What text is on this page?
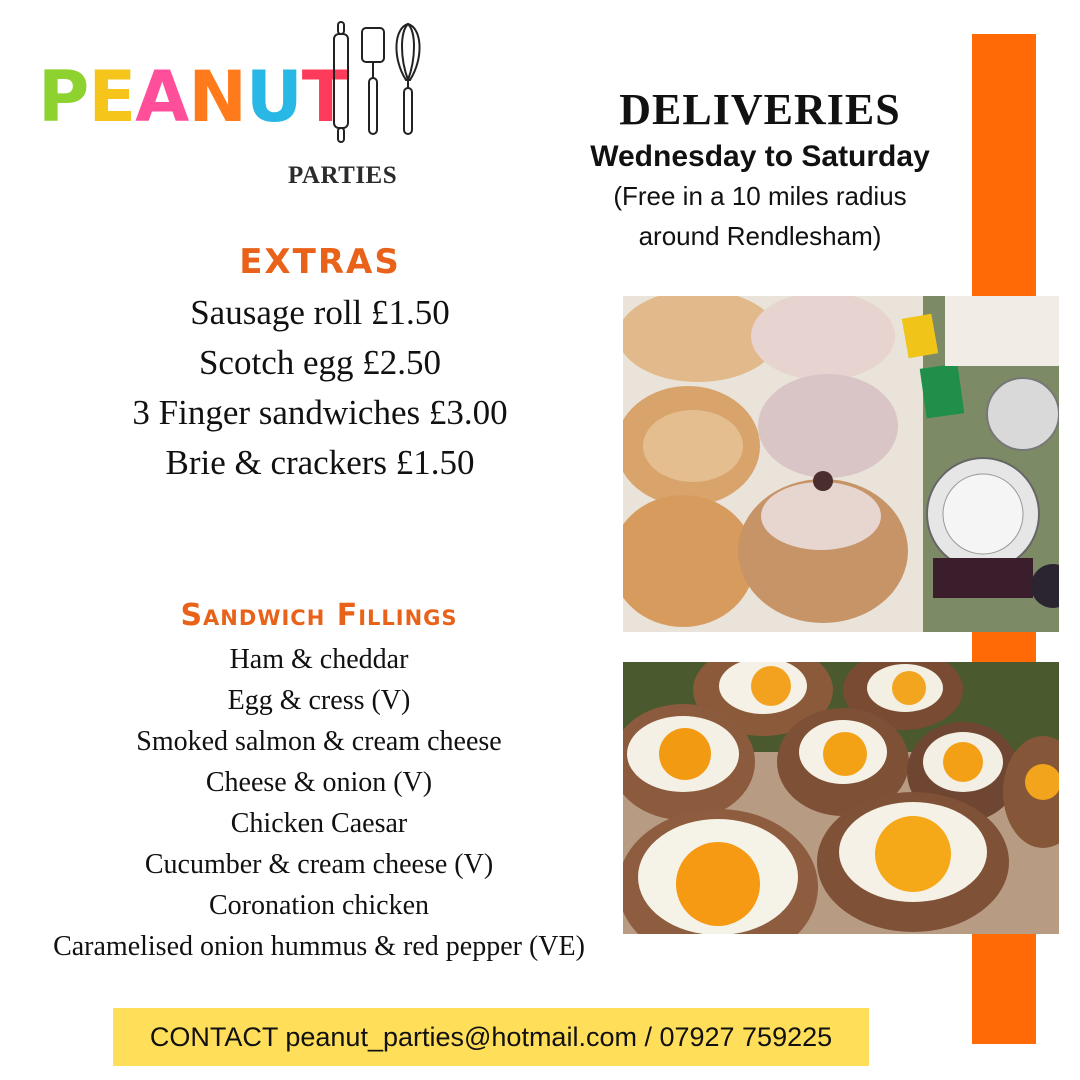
PEANUT
PARTIES
DELIVERIES
Wednesday to Saturday
(Free in a 10 miles radius
around Rendlesham)
EXTRAS
Sausage roll £1.50
Scotch egg £2.50
3 Finger sandwiches £3.00
Brie & crackers £1.50
Sandwich Fillings
Ham & cheddar
Egg & cress (V)
Smoked salmon & cream cheese
Cheese & onion (V)
Chicken Caesar
Cucumber & cream cheese (V)
Coronation chicken
Caramelised onion hummus & red pepper (VE)
CONTACT peanut_parties@hotmail.com / 07927 759225
